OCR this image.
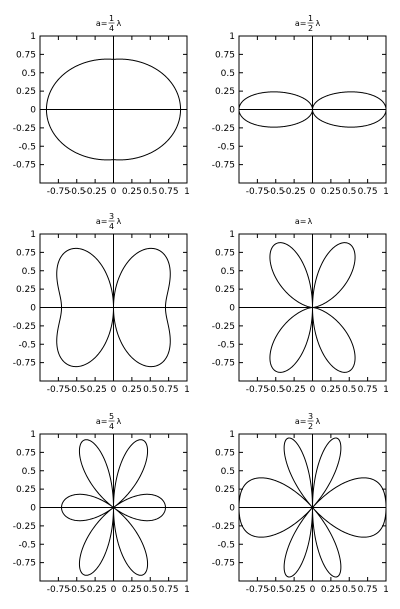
1
0.75
0.5
0.25
0
-0.25
-0.5
-0.75
-0.75
-0.5
-0.25 0 0.25 0.5 0.75 1
a=
1
4
λ
1
0.75
0.5
0.25
0
-0.25
-0.5
-0.75
-0.75
-0.5
-0.25 0 0.25 0.5 0.75 1
a=
1
2
λ
1
0.75
0.5
0.25
0
-0.25
-0.5
-0.75
-0.75
-0.5
-0.25 0 0.25 0.5 0.75 1
a=
3
4
λ
1
0.75
0.5
0.25
0
-0.25
-0.5
-0.75
-0.75
-0.5
-0.25 0 0.25 0.5 0.75 1
a= λ
1
0.75
0.5
0.25
0
-0.25
-0.5
-0.75
-0.75
-0.5
-0.25 0 0.25 0.5 0.75 1
a=
5
4
λ
1
0.75
0.5
0.25
0
-0.25
-0.5
-0.75
-0.75
-0.5
-0.25 0 0.25 0.5 0.75 1
a=
3
2
λ
